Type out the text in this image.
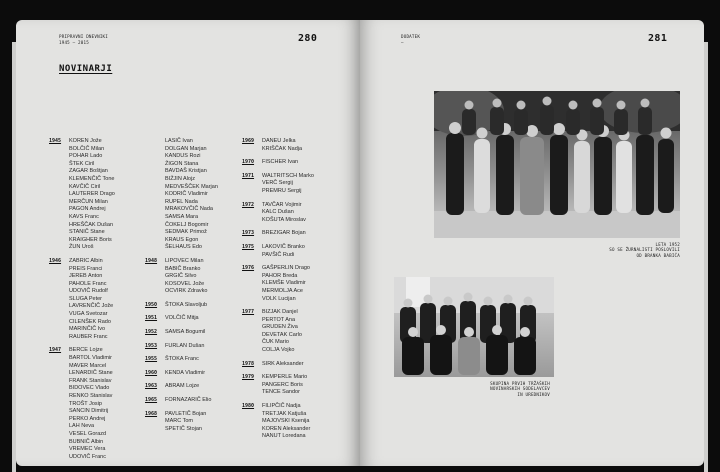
PRIPRAVNI DNEVNIKI
1945 – 2015	280
NOVINARJI
1945 KOREN Jože
BOLČIČ Milan
POHAR Lado
ŠTEK Ciril
ZAGAR Boštjan
KLEMENČIČ Tone
KAVČIČ Ciril
LAUTERER Drago
MERČUN Milan
PAGON Andrej
KAVS Franc
HREŠČAK Dušan
STANIČ Stane
KRAIGHER Boris
ŽUN Uroš
1946 ZABRIC Albin
PREIS Franci
JEREB Anton
PAHOLE Franc
UDOVIČ Rudolf
SLUGA Peter
LAVRENČIČ Jože
VUGA Svetozar
CILENŠEK Rado
MARINČIČ Ivo
RAUBER Franc
1947 BERCE Lojze
BARTOL Vladimir
MAVER Marcel
LENARDIČ Stane
FRANK Stanislav
BIDOVEC Vlado
RENKO Stanislav
TROŠT Josip
SANCIN Dimitrij
PERKO Andrej
LAH Neva
VESEL Gorazd
BUBNIČ Albin
VREMEC Vera
UDOVIČ Franc
LASIČ Ivan
DOLGAN Marjan
KANDUS Rozi
ŽIGON Stana
BAVDAŠ Kristjan
BIŽJIN Alojz
MEDVEŠČEK Marjan
KODRIČ Vladimir
RUPEL Nada
MRAKOVČIČ Nada
SAMSA Mara
ČOKELJ Bogomir
SEDMAK Primož
KRAUS Egon
ŠELHAUS Edo
1948 LIPOVEC Milan
BABIČ Branko
GRGIČ Silvo
KOSOVEL Jože
OCVIRK Zdravko
1950 ŠTOKA Slavoljub
1951 VOLČIČ Mitja
1952 SAMSA Bogumil
1953 FURLAN Dušan
1955 ŠTOKA Franc
1960 KENDA Vladimir
1963 ABRAM Lojze
1965 FORNAZARIČ Elio
1968 PAVLETIČ Bojan
MARC Tom
SPETIČ Stojan
1969 DANEU Jelka
KRIŠČAK Nadja
1970 FISCHER Ivan
1971 WALTRITSCH Marko
VERČ Sergij
PREMRU Sergij
1972 TAVČAR Vojimir
KALC Dušan
KOŠUTA Miroslav
1973 BREZIGAR Bojan
1975 LAKOVIČ Branko
PAVŠIČ Rudi
1976 GAŠPERLIN Drago
PAHOR Breda
KLEMŠE Vladimir
MERMOLJA Ace
VOLK Lucijan
1977 BIZJAK Danjel
PERTOT Ana
GRUDEN Živa
DEVETAK Carlo
ČUK Mario
COLJA Vojko
1978 SIRK Aleksander
1979 KEMPERLE Mario
PANGERC Boris
TENCE Sandor
1980 FILIPČIČ Nadja
TRETJAK Katjuša
MAJOVSKI Ksenija
KOREN Aleksander
NANUT Loredana
DODATEK
—	281
LETA 1952
SO SE ŽURNALISTI POSLOVILI
OD BRANKA BABIČA
SKUPINA PRVIH TRŽAŠKIH
NOVINARSKIH SODELAVCEV
IN UREDNIKOV
